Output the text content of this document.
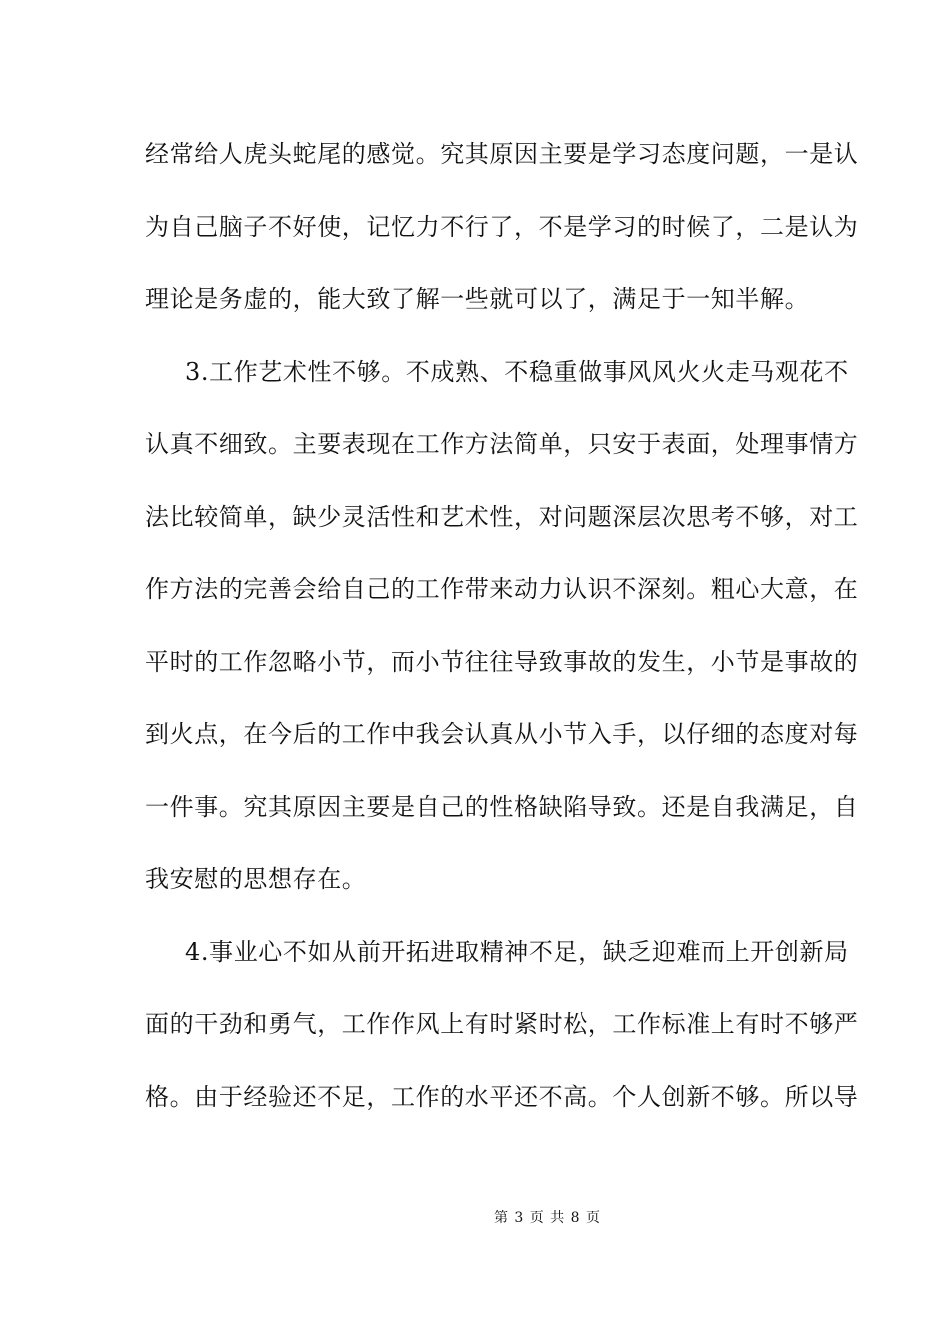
经常给人虎头蛇尾的感觉。究其原因主要是学习态度问题，一是认
为自己脑子不好使，记忆力不行了，不是学习的时候了，二是认为
理论是务虚的，能大致了解一些就可以了，满足于一知半解。
3.工作艺术性不够。不成熟、不稳重做事风风火火走马观花不
认真不细致。主要表现在工作方法简单，只安于表面，处理事情方
法比较简单，缺少灵活性和艺术性，对问题深层次思考不够，对工
作方法的完善会给自己的工作带来动力认识不深刻。粗心大意，在
平时的工作忽略小节，而小节往往导致事故的发生，小节是事故的
到火点，在今后的工作中我会认真从小节入手，以仔细的态度对每
一件事。究其原因主要是自己的性格缺陷导致。还是自我满足，自
我安慰的思想存在。
4.事业心不如从前开拓进取精神不足，缺乏迎难而上开创新局
面的干劲和勇气，工作作风上有时紧时松，工作标准上有时不够严
格。由于经验还不足，工作的水平还不高。个人创新不够。所以导
第 3 页 共 8 页
